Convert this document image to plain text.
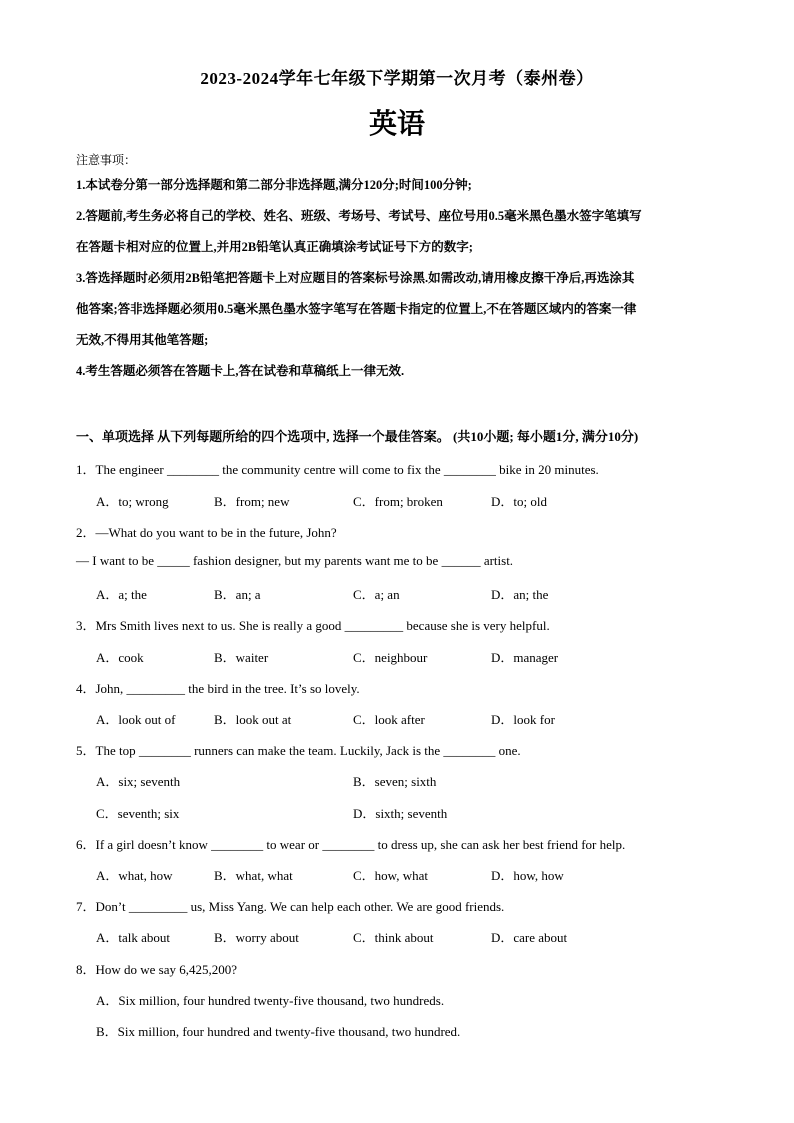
2023-2024学年七年级下学期第一次月考（泰州卷）
英语
注意事项：
1.本试卷分第一部分选择题和第二部分非选择题,满分120分;时间100分钟;
2.答题前,考生务必将自己的学校、姓名、班级、考场号、考试号、座位号用0.5毫米黑色墨水签字笔填写
在答题卡相对应的位置上,并用2B铅笔认真正确填涂考试证号下方的数字;
3.答选择题时必须用2B铅笔把答题卡上对应题目的答案标号涂黑.如需改动,请用橡皮擦干净后,再选涂其
他答案;答非选择题必须用0.5毫米黑色墨水签字笔写在答题卡指定的位置上,不在答题区域内的答案一律
无效,不得用其他笔答题;
4.考生答题必须答在答题卡上,答在试卷和草稿纸上一律无效.
一、单项选择 从下列每题所给的四个选项中, 选择一个最佳答案。 (共10小题; 每小题1分, 满分10分)
1．The engineer ________ the community centre will come to fix the ________ bike in 20 minutes.
A．to; wrong	B．from; new	C．from; broken	D．to; old
2．—What do you want to be in the future, John?
— I want to be _____ fashion designer, but my parents want me to be ______ artist.
A．a; the	B．an; a	C．a; an	D．an; the
3．Mrs Smith lives next to us. She is really a good _________ because she is very helpful.
A．cook	B．waiter	C．neighbour	D．manager
4．John, _________ the bird in the tree. It’s so lovely.
A．look out of	B．look out at	C．look after	D．look for
5．The top ________ runners can make the team. Luckily, Jack is the ________ one.
A．six; seventh	B．seven; sixth
C．seventh; six	D．sixth; seventh
6．If a girl doesn’t know ________ to wear or ________ to dress up, she can ask her best friend for help.
A．what, how	B．what, what	C．how, what	D．how, how
7．Don’t _________ us, Miss Yang. We can help each other. We are good friends.
A．talk about	B．worry about	C．think about	D．care about
8．How do we say 6,425,200?
A．Six million, four hundred twenty-five thousand, two hundreds.
B．Six million, four hundred and twenty-five thousand, two hundred.
